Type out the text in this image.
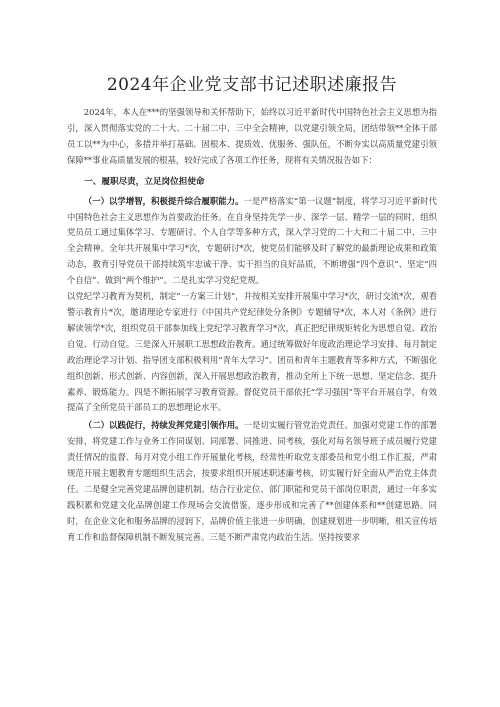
2024年企业党支部书记述职述廉报告

2024年，本人在***的坚强领导和关怀帮助下，始终以习近平新时代中国特色社会主义思想为指引，深入贯彻落实党的二十大、二十届二中、三中全会精神，以党建引领全局，团结带领**全体干部员工以**为中心，多措并举打基础、固根本、提质效、优服务、强队伍，不断夯实以高质量党建引领保障**事业高质量发展的根基，较好完成了各项工作任务，现将有关情况报告如下：

一、履职尽责，立足岗位担使命

（一）以学增智，积极提升综合履职能力。一是严格落实“第一议题”制度，将学习习近平新时代中国特色社会主义思想作为首要政治任务。在自身坚持先学一步、深学一层、精学一层的同时，组织党员员工通过集体学习、专题研讨、个人自学等多种方式，深入学习党的二十大和二十届二中、三中全会精神。全年共开展集中学习*次，专题研讨*次，使党员们能够及时了解党的最新理论成果和政策动态，教育引导党员干部持续筑牢忠诚干净、实干担当的良好品质，不断增强“四个意识”、坚定“四个自信”、做到“两个维护”。二是扎实学习党纪党规。

以党纪学习教育为契机，制定“一方案三计划”，并按相关安排开展集中学习*次，研讨交流*次，观看警示教育片*次，邀请理论专家进行《中国共产党纪律处分条例》专题辅导*次，本人对《条例》进行解读领学*次，组织党员干部参加线上党纪学习教育学习*次，真正把纪律规矩转化为思想自觉、政治自觉、行动自觉。三是深入开展职工思想政治教育。通过统筹做好年度政治理论学习安排、每月制定政治理论学习计划、指导团支部积极利用“青年大学习”、团员和青年主题教育等多种方式，不断强化组织创新、形式创新、内容创新，深入开展思想政治教育，推动全所上下统一思想、坚定信念、提升素养、锻炼能力。四是不断拓展学习教育资源。督促党员干部依托“学习强国”等平台开展自学，有效提高了全所党员干部员工的思想理论水平。

（二）以践促行，持续发挥党建引领作用。一是切实履行管党治党责任。加强对党建工作的部署安排，将党建工作与业务工作同谋划、同部署、同推进、同考核，强化对每名领导班子成员履行党建责任情况的监督、每月对党小组工作开展量化考核，经常性听取党支部委员和党小组工作汇报，严肃规范开展主题教育专题组织生活会，按要求组织开展述职述廉考核，切实履行好全面从严治党主体责任。二是健全完善党建品牌创建机制。结合行业定位、部门职能和党员干部岗位职责，通过一年多实践积累和党建文化品牌创建工作现场会交流借鉴，逐步形成和完善了**创建体系和**创建思路。同时，在企业文化和服务品牌的浸润下，品牌价值主张进一步明确，创建规划进一步明晰，相关宣传培育工作和监督保障机制不断发展完善。三是不断严肃党内政治生活。坚持按要求
